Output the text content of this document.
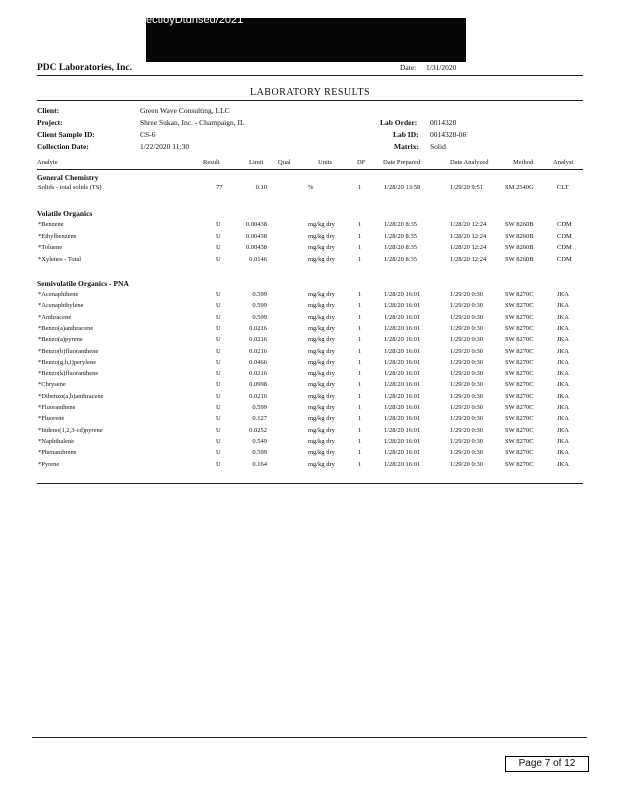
ectioyDtdnsed/2021
PDC Laboratories, Inc.	Date: 1/31/2020
LABORATORY RESULTS
Client:	Green Wave Consulting, LLC
Project:	Shree Sukan, Inc. - Champaign, IL
Client Sample ID:	CS-6
Collection Date:	1/22/2020 11:30
Lab Order: 0014328
Lab ID: 0014328-06
Matrix: Solid
Analyte	Result	Limit Qual	Units	DF	Date Prepared	Date Analyzed	Method	Analyst
General Chemistry
Solids - total solids (TS)	77	0.10	%	1	1/28/20 13:58	1/29/20 9:51	SM 2540G	CLT
Volatile Organics
*Benzene	U	0.00438	mg/kg dry	1	1/28/20 8:35	1/28/20 12:24	SW 8260B	CDM
*Ethylbenzene	U	0.00438	mg/kg dry	1	1/28/20 8:35	1/28/20 12:24	SW 8260B	CDM
*Toluene	U	0.00438	mg/kg dry	1	1/28/20 8:35	1/28/20 12:24	SW 8260B	CDM
*Xylenes - Total	U	0.0146	mg/kg dry	1	1/28/20 8:35	1/28/20 12:24	SW 8260B	CDM
Semivolatile Organics - PNA
*Acenaphthene	U	0.599	mg/kg dry	1	1/28/20 16:01	1/29/20 0:30	SW 8270C	JKA
*Acenaphthylene	U	0.599	mg/kg dry	1	1/28/20 16:01	1/29/20 0:30	SW 8270C	JKA
*Anthracene	U	0.599	mg/kg dry	1	1/28/20 16:01	1/29/20 0:30	SW 8270C	JKA
*Benzo(a)anthracene	U	0.0216	mg/kg dry	1	1/28/20 16:01	1/29/20 0:30	SW 8270C	JKA
*Benzo(a)pyrene	U	0.0216	mg/kg dry	1	1/28/20 16:01	1/29/20 0:30	SW 8270C	JKA
*Benzo(b)fluoranthene	U	0.0216	mg/kg dry	1	1/28/20 16:01	1/29/20 0:30	SW 8270C	JKA
*Benzo(g,h,i)perylene	U	0.0466	mg/kg dry	1	1/28/20 16:01	1/29/20 0:30	SW 8270C	JKA
*Benzo(k)fluoranthene	U	0.0216	mg/kg dry	1	1/28/20 16:01	1/29/20 0:30	SW 8270C	JKA
*Chrysene	U	0.0998	mg/kg dry	1	1/28/20 16:01	1/29/20 0:30	SW 8270C	JKA
*Dibenzo(a,h)anthracene	U	0.0216	mg/kg dry	1	1/28/20 16:01	1/29/20 0:30	SW 8270C	JKA
*Fluoranthene	U	0.599	mg/kg dry	1	1/28/20 16:01	1/29/20 0:30	SW 8270C	JKA
*Fluorene	U	0.127	mg/kg dry	1	1/28/20 16:01	1/29/20 0:30	SW 8270C	JKA
*Indeno(1,2,3-cd)pyrene	U	0.0252	mg/kg dry	1	1/28/20 16:01	1/29/20 0:30	SW 8270C	JKA
*Naphthalene	U	0.549	mg/kg dry	1	1/28/20 16:01	1/29/20 0:30	SW 8270C	JKA
*Phenanthrene	U	0.599	mg/kg dry	1	1/28/20 16:01	1/29/20 0:30	SW 8270C	JKA
*Pyrene	U	0.164	mg/kg dry	1	1/28/20 16:01	1/29/20 0:30	SW 8270C	JKA
Page 7 of 12
